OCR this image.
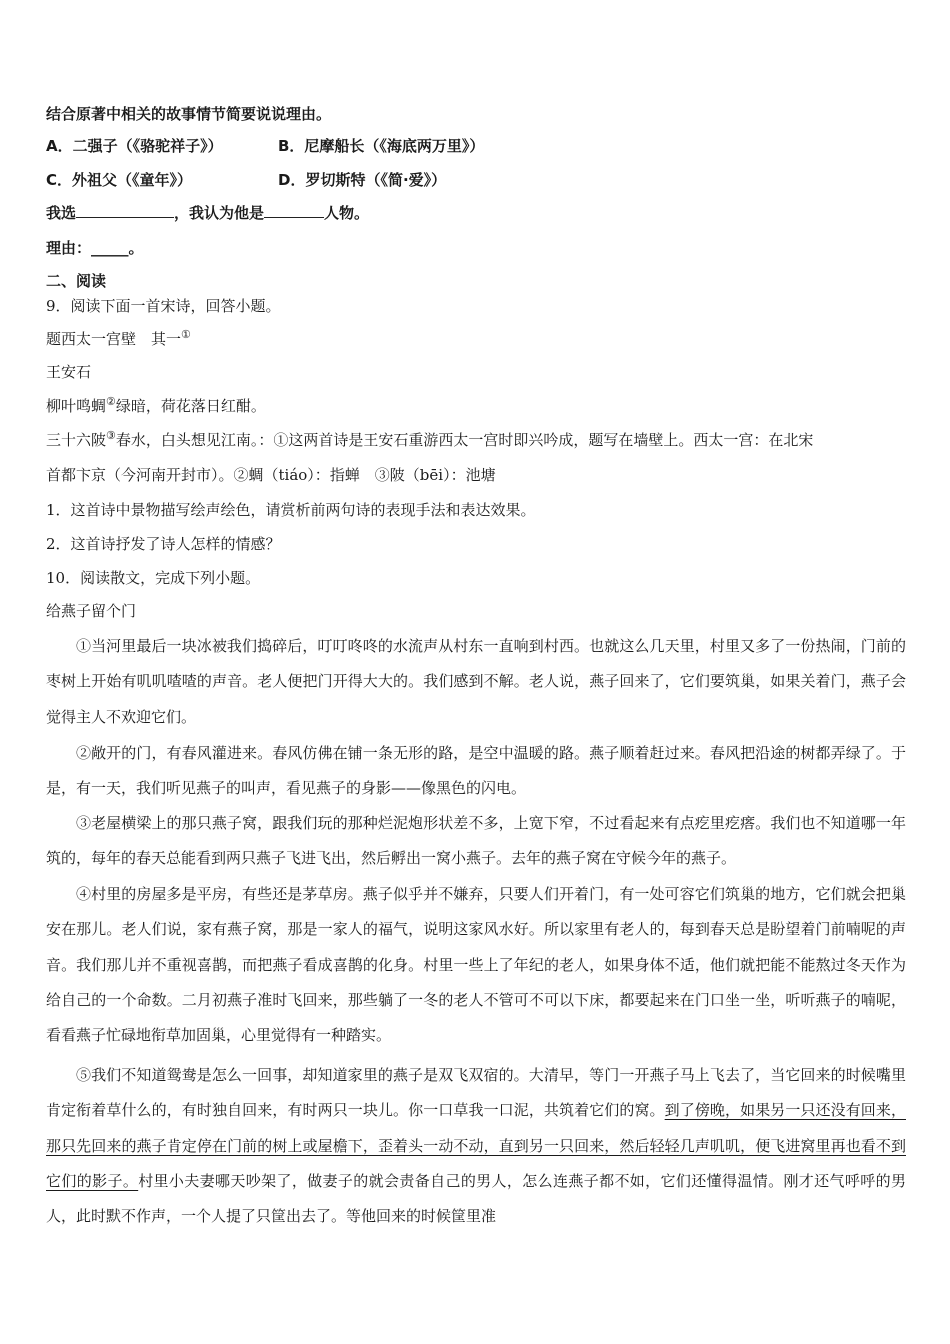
结合原著中相关的故事情节简要说说理由。
A．二强子（《骆驼祥子》）	B．尼摩船长（《海底两万里》）
C．外祖父（《童年》）	D．罗切斯特（《简·爱》）
我选	，我认为他是	人物。
理由：_____。
二、阅读
9．阅读下面一首宋诗，回答小题。
题西太一宫壁　其一①
王安石
柳叶鸣蜩②绿暗，荷花落日红酣。
三十六陂③春水，白头想见江南。：①这两首诗是王安石重游西太一宫时即兴吟成，题写在墙壁上。西太一宫：在北宋
首都卞京（今河南开封市）。②蜩（tiáo）：指蝉　③陂（bēi）：池塘
1．这首诗中景物描写绘声绘色，请赏析前两句诗的表现手法和表达效果。
2．这首诗抒发了诗人怎样的情感？
10．阅读散文，完成下列小题。
给燕子留个门
①当河里最后一块冰被我们捣碎后，叮叮咚咚的水流声从村东一直响到村西。也就这么几天里，村里又多了一份热闹，门前的枣树上开始有叽叽喳喳的声音。老人便把门开得大大的。我们感到不解。老人说，燕子回来了，它们要筑巢，如果关着门，燕子会觉得主人不欢迎它们。
②敞开的门，有春风灌进来。春风仿佛在铺一条无形的路，是空中温暖的路。燕子顺着赶过来。春风把沿途的树都弄绿了。于是，有一天，我们听见燕子的叫声，看见燕子的身影——像黑色的闪电。
③老屋横梁上的那只燕子窝，跟我们玩的那种烂泥炮形状差不多，上宽下窄，不过看起来有点疙里疙瘩。我们也不知道哪一年筑的，每年的春天总能看到两只燕子飞进飞出，然后孵出一窝小燕子。去年的燕子窝在守候今年的燕子。
④村里的房屋多是平房，有些还是茅草房。燕子似乎并不嫌弃，只要人们开着门，有一处可容它们筑巢的地方，它们就会把巢安在那儿。老人们说，家有燕子窝，那是一家人的福气，说明这家风水好。所以家里有老人的，每到春天总是盼望着门前喃呢的声音。我们那儿并不重视喜鹊，而把燕子看成喜鹊的化身。村里一些上了年纪的老人，如果身体不适，他们就把能不能熬过冬天作为给自己的一个命数。二月初燕子准时飞回来，那些躺了一冬的老人不管可不可以下床，都要起来在门口坐一坐，听听燕子的喃呢，看看燕子忙碌地衔草加固巢，心里觉得有一种踏实。
⑤我们不知道鸳鸯是怎么一回事，却知道家里的燕子是双飞双宿的。大清早，等门一开燕子马上飞去了，当它回来的时候嘴里肯定衔着草什么的，有时独自回来，有时两只一块儿。你一口草我一口泥，共筑着它们的窝。到了傍晚，如果另一只还没有回来，那只先回来的燕子肯定停在门前的树上或屋檐下，歪着头一动不动，直到另一只回来，然后轻轻几声叽叽，便飞进窝里再也看不到它们的影子。村里小夫妻哪天吵架了，做妻子的就会责备自己的男人，怎么连燕子都不如，它们还懂得温情。刚才还气呼呼的男人，此时默不作声，一个人提了只筐出去了。等他回来的时候筐里准
